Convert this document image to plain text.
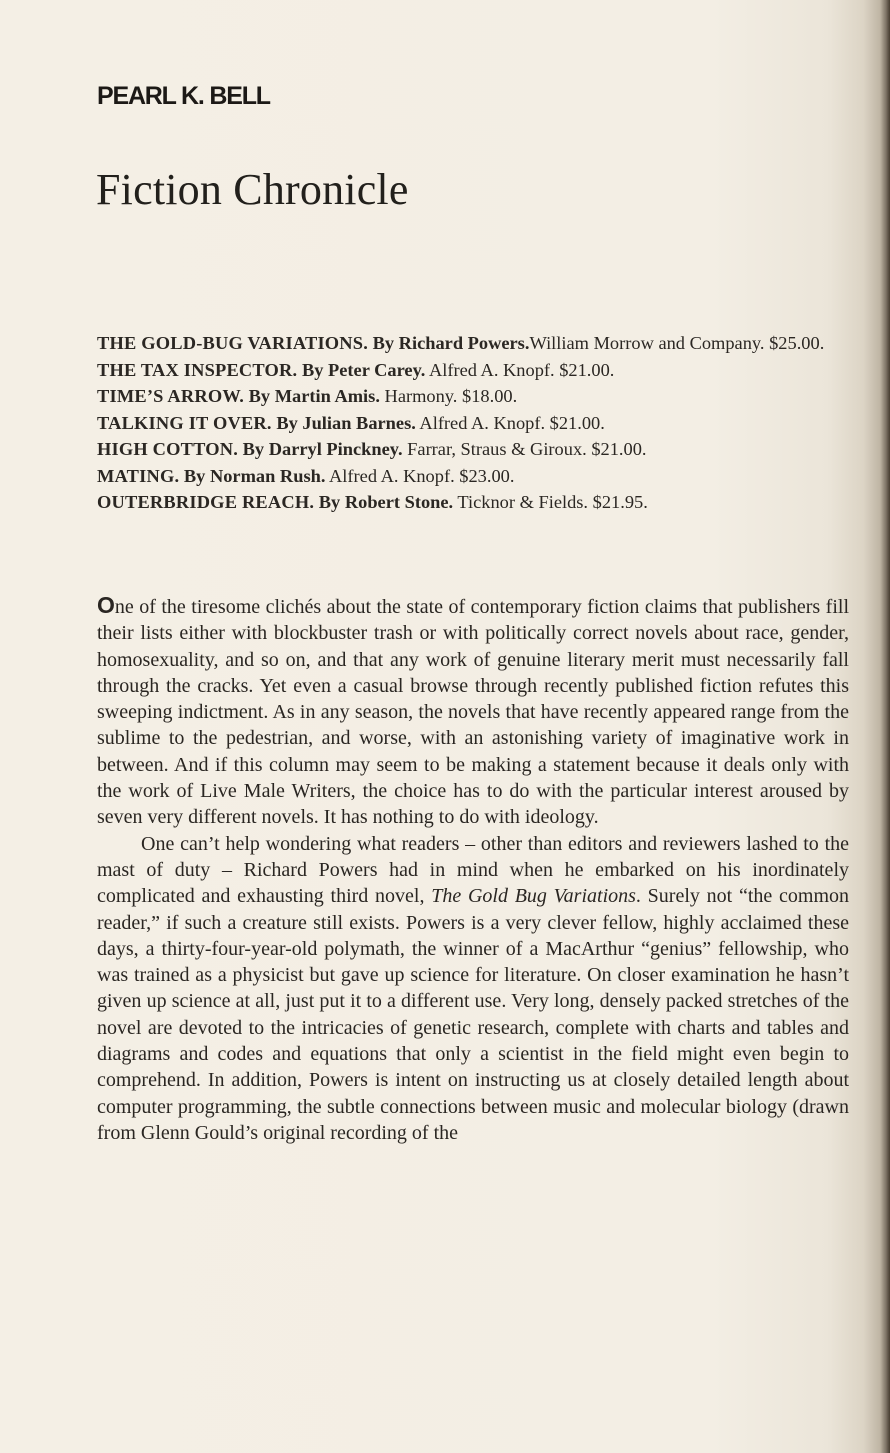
PEARL K. BELL
Fiction Chronicle
THE GOLD-BUG VARIATIONS. By Richard Powers.William Morrow and Company. $25.00.
THE TAX INSPECTOR. By Peter Carey. Alfred A. Knopf. $21.00.
TIME’S ARROW. By Martin Amis. Harmony. $18.00.
TALKING IT OVER. By Julian Barnes. Alfred A. Knopf. $21.00.
HIGH COTTON. By Darryl Pinckney. Farrar, Straus & Giroux. $21.00.
MATING. By Norman Rush. Alfred A. Knopf. $23.00.
OUTERBRIDGE REACH. By Robert Stone. Ticknor & Fields. $21.95.

One of the tiresome clichés about the state of contemporary fiction claims that publishers fill their lists either with blockbuster trash or with politically correct novels about race, gender, homosexuality, and so on, and that any work of genuine literary merit must necessarily fall through the cracks. Yet even a casual browse through recently published fiction refutes this sweeping indictment. As in any season, the novels that have recently appeared range from the sublime to the pedestrian, and worse, with an astonishing variety of imaginative work in between. And if this column may seem to be making a statement because it deals only with the work of Live Male Writers, the choice has to do with the particular interest aroused by seven very different novels. It has nothing to do with ideology.

One can’t help wondering what readers – other than editors and reviewers lashed to the mast of duty – Richard Powers had in mind when he embarked on his inordinately complicated and exhausting third novel, The Gold Bug Variations. Surely not “the common reader,” if such a creature still exists. Powers is a very clever fellow, highly acclaimed these days, a thirty-four-year-old polymath, the winner of a MacArthur “genius” fellowship, who was trained as a physicist but gave up science for literature. On closer examination he hasn’t given up science at all, just put it to a different use. Very long, densely packed stretches of the novel are devoted to the intricacies of genetic research, complete with charts and tables and diagrams and codes and equations that only a scientist in the field might even begin to comprehend. In addition, Powers is intent on instructing us at closely detailed length about computer programming, the subtle connections between music and molecular biology (drawn from Glenn Gould’s original recording of the
